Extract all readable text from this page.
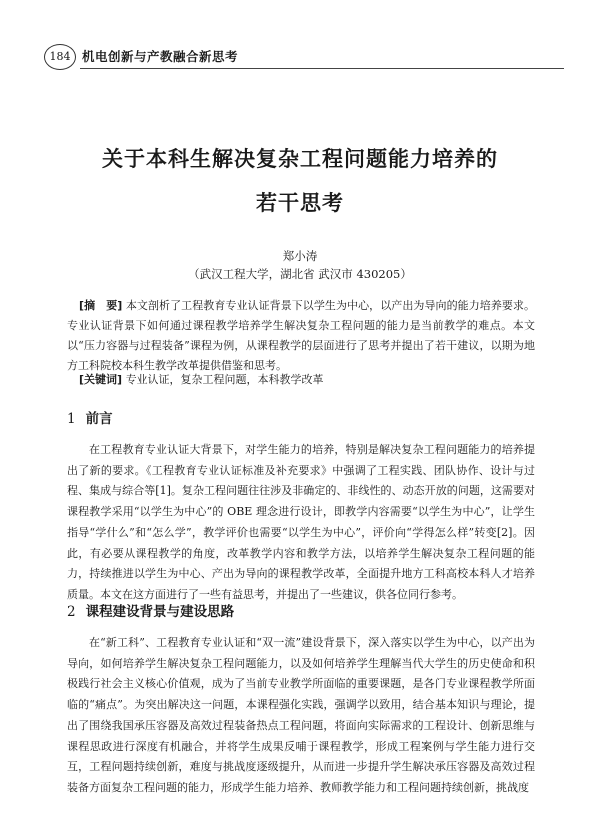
184 机电创新与产教融合新思考
关于本科生解决复杂工程问题能力培养的
若干思考
郑小涛
（武汉工程大学，湖北省 武汉市 430205）

[摘　要] 本文剖析了工程教育专业认证背景下以学生为中心，以产出为导向的能力培养要求。专业认证背景下如何通过课程教学培养学生解决复杂工程问题的能力是当前教学的难点。本文以“压力容器与过程装备”课程为例，从课程教学的层面进行了思考并提出了若干建议，以期为地方工科院校本科生教学改革提供借鉴和思考。

[关键词] 专业认证，复杂工程问题，本科教学改革
1 前言

在工程教育专业认证大背景下，对学生能力的培养，特别是解决复杂工程问题能力的培养提出了新的要求。《工程教育专业认证标准及补充要求》中强调了工程实践、团队协作、设计与过程、集成与综合等[1]。复杂工程问题往往涉及非确定的、非线性的、动态开放的问题，这需要对课程教学采用“以学生为中心”的 OBE 理念进行设计，即教学内容需要“以学生为中心”，让学生指导“学什么”和“怎么学”，教学评价也需要“以学生为中心”，评价向“学得怎么样”转变[2]。因此，有必要从课程教学的角度，改革教学内容和教学方法，以培养学生解决复杂工程问题的能力，持续推进以学生为中心、产出为导向的课程教学改革，全面提升地方工科高校本科人才培养质量。本文在这方面进行了一些有益思考，并提出了一些建议，供各位同行参考。

2 课程建设背景与建设思路

在“新工科”、工程教育专业认证和“双一流”建设背景下，深入落实以学生为中心，以产出为导向，如何培养学生解决复杂工程问题能力，以及如何培养学生理解当代大学生的历史使命和积极践行社会主义核心价值观，成为了当前专业教学所面临的重要课题，是各门专业课程教学所面临的“痛点”。为突出解决这一问题，本课程强化实践，强调学以致用，结合基本知识与理论，提出了围绕我国承压容器及高效过程装备热点工程问题，将面向实际需求的工程设计、创新思维与课程思政进行深度有机融合，并将学生成果反哺于课程教学，形成工程案例与学生能力进行交互，工程问题持续创新，难度与挑战度逐级提升，从而进一步提升学生解决承压容器及高效过程装备方面复杂工程问题的能力，形成学生能力培养、教师教学能力和工程问题持续创新，挑战度
